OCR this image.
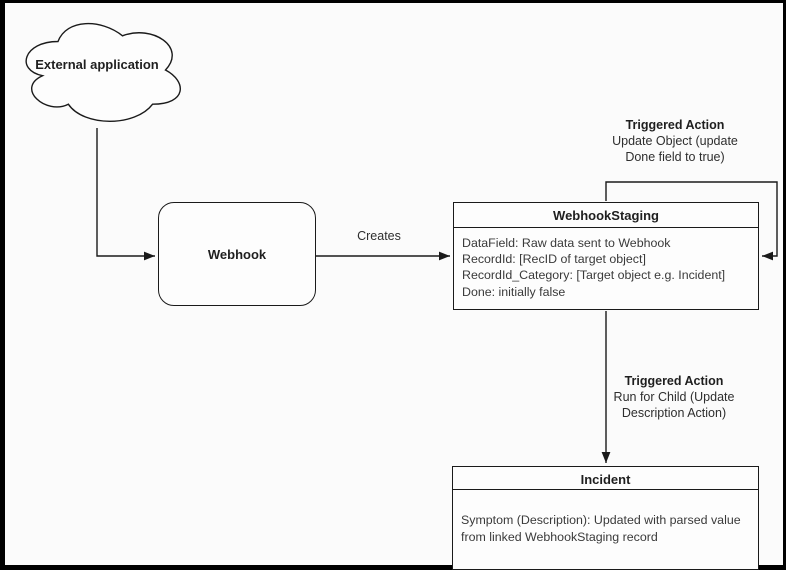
External application
Webhook
Creates
WebhookStaging
DataField: Raw data sent to Webhook
RecordId: [RecID of target object]
RecordId_Category: [Target object e.g. Incident]
Done: initially false
Triggered Action
Update Object (update
Done field to true)
Triggered Action
Run for Child (Update
Description Action)
Incident
Symptom (Description): Updated with parsed value
from linked WebhookStaging record
